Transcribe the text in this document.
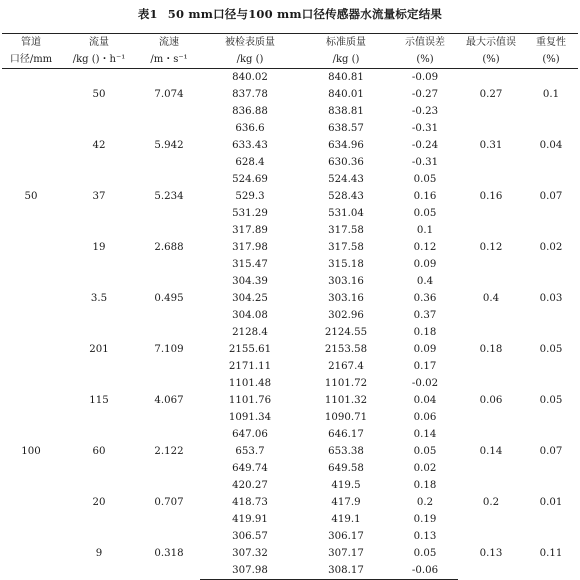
表1 50 mm口径与100 mm口径传感器水流量标定结果
管道	流量	流速	被检表质量	标准质量	示值误差	最大示值误	重复性
口径/mm	/kg ()・h⁻¹	/m・s⁻¹	/kg ()	/kg ()	(%)	(%)	(%)
50	50	7.074	840.02	840.81	-0.09	0.27	0.1
			837.78	840.01	-0.27		
			836.88	838.81	-0.23		
	42	5.942	636.6	638.57	-0.31	0.31	0.04
			633.43	634.96	-0.24		
			628.4	630.36	-0.31		
	37	5.234	524.69	524.43	0.05	0.16	0.07
			529.3	528.43	0.16		
			531.29	531.04	0.05		
	19	2.688	317.89	317.58	0.1	0.12	0.02
			317.98	317.58	0.12		
			315.47	315.18	0.09		
	3.5	0.495	304.39	303.16	0.4	0.4	0.03
			304.25	303.16	0.36		
			304.08	302.96	0.37		
100	201	7.109	2128.4	2124.55	0.18	0.18	0.05
			2155.61	2153.58	0.09		
			2171.11	2167.4	0.17		
	115	4.067	1101.48	1101.72	-0.02	0.06	0.05
			1101.76	1101.32	0.04		
			1091.34	1090.71	0.06		
	60	2.122	647.06	646.17	0.14	0.14	0.07
			653.7	653.38	0.05		
			649.74	649.58	0.02		
	20	0.707	420.27	419.5	0.18	0.2	0.01
			418.73	417.9	0.2		
			419.91	419.1	0.19		
	9	0.318	306.57	306.17	0.13	0.13	0.11
			307.32	307.17	0.05		
			307.98	308.17	-0.06		
